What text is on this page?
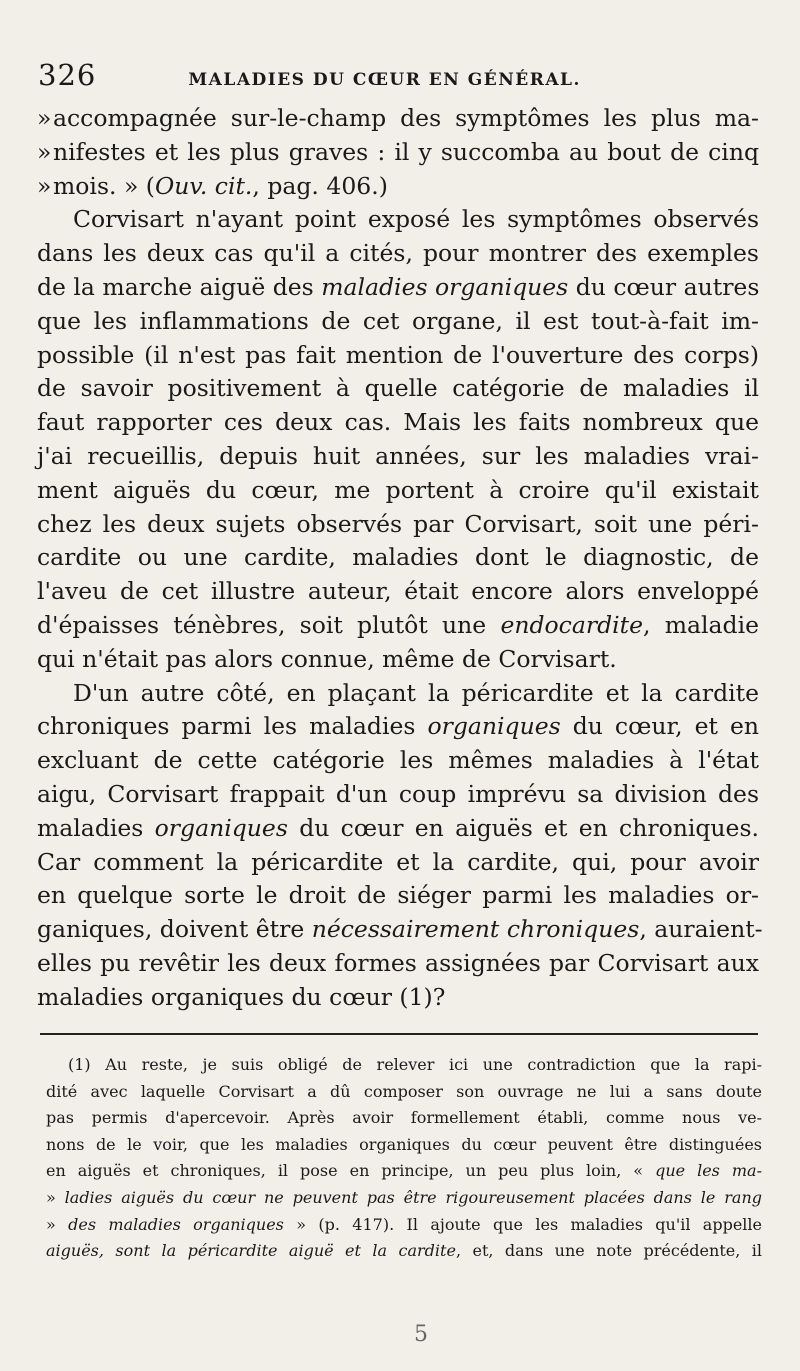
326	MALADIES DU CŒUR EN GÉNÉRAL.
»accompagnée sur-le-champ des symptômes les plus ma-
»nifestes et les plus graves : il y succomba au bout de cinq
»mois. » (Ouv. cit., pag. 406.)
Corvisart n'ayant point exposé les symptômes observés
dans les deux cas qu'il a cités, pour montrer des exemples
de la marche aiguë des maladies organiques du cœur autres
que les inflammations de cet organe, il est tout-à-fait im-
possible (il n'est pas fait mention de l'ouverture des corps)
de savoir positivement à quelle catégorie de maladies il
faut rapporter ces deux cas. Mais les faits nombreux que
j'ai recueillis, depuis huit années, sur les maladies vrai-
ment aiguës du cœur, me portent à croire qu'il existait
chez les deux sujets observés par Corvisart, soit une péri-
cardite ou une cardite, maladies dont le diagnostic, de
l'aveu de cet illustre auteur, était encore alors enveloppé
d'épaisses ténèbres, soit plutôt une endocardite, maladie
qui n'était pas alors connue, même de Corvisart.
D'un autre côté, en plaçant la péricardite et la cardite
chroniques parmi les maladies organiques du cœur, et en
excluant de cette catégorie les mêmes maladies à l'état
aigu, Corvisart frappait d'un coup imprévu sa division des
maladies organiques du cœur en aiguës et en chroniques.
Car comment la péricardite et la cardite, qui, pour avoir
en quelque sorte le droit de siéger parmi les maladies or-
ganiques, doivent être nécessairement chroniques, auraient-
elles pu revêtir les deux formes assignées par Corvisart aux
maladies organiques du cœur (1)?
(1) Au reste, je suis obligé de relever ici une contradiction que la rapi-
dité avec laquelle Corvisart a dû composer son ouvrage ne lui a sans doute
pas permis d'apercevoir. Après avoir formellement établi, comme nous ve-
nons de le voir, que les maladies organiques du cœur peuvent être distinguées
en aiguës et chroniques, il pose en principe, un peu plus loin, « que les ma-
» ladies aiguës du cœur ne peuvent pas être rigoureusement placées dans le rang
» des maladies organiques » (p. 417). Il ajoute que les maladies qu'il appelle
aiguës, sont la péricardite aiguë et la cardite, et, dans une note précédente, il
5
